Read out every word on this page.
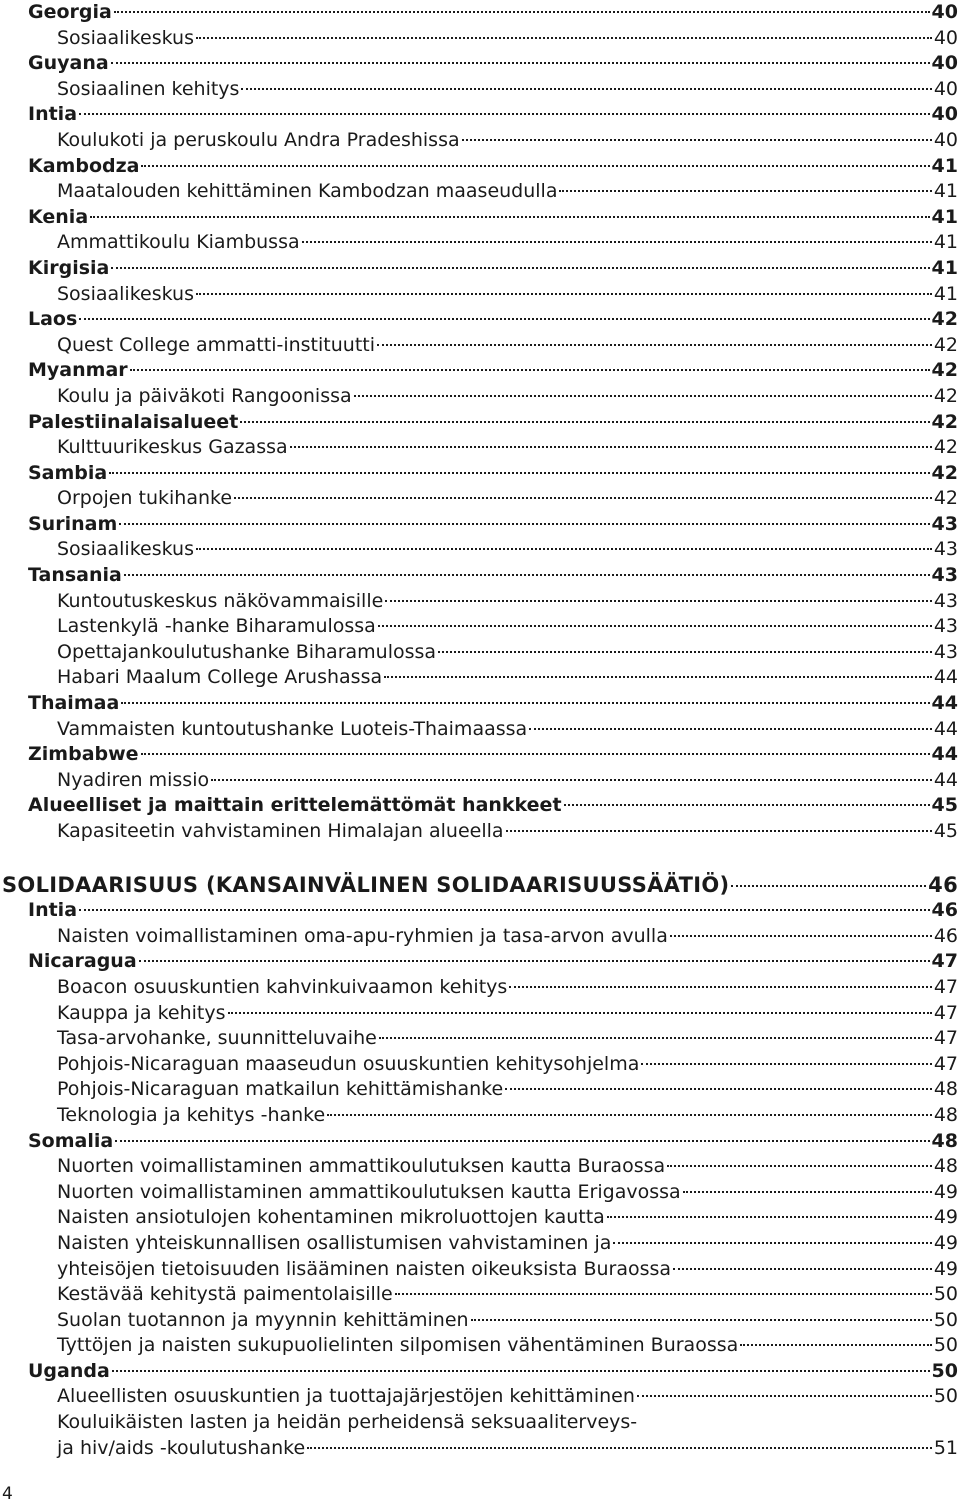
Georgia	40
Sosiaalikeskus	40
Guyana	40
Sosiaalinen kehitys	40
Intia	40
Koulukoti ja peruskoulu Andra Pradeshissa	40
Kambodza	41
Maatalouden kehittäminen Kambodzan maaseudulla	41
Kenia	41
Ammattikoulu Kiambussa	41
Kirgisia	41
Sosiaalikeskus	41
Laos	42
Quest College ammatti-instituutti	42
Myanmar	42
Koulu ja päiväkoti Rangoonissa	42
Palestiinalaisalueet	42
Kulttuurikeskus Gazassa	42
Sambia	42
Orpojen tukihanke	42
Surinam	43
Sosiaalikeskus	43
Tansania	43
Kuntoutuskeskus näkövammaisille	43
Lastenkylä -hanke Biharamulossa	43
Opettajankoulutushanke Biharamulossa	43
Habari Maalum College Arushassa	44
Thaimaa	44
Vammaisten kuntoutushanke Luoteis-Thaimaassa	44
Zimbabwe	44
Nyadiren missio	44
Alueelliset ja maittain erittelemättömät hankkeet	45
Kapasiteetin vahvistaminen Himalajan alueella	45
SOLIDAARISUUS (KANSAINVÄLINEN SOLIDAARISUUSSÄÄTIÖ)	46
Intia	46
Naisten voimallistaminen oma-apu-ryhmien ja tasa-arvon avulla	46
Nicaragua	47
Boacon osuuskuntien kahvinkuivaamon kehitys	47
Kauppa ja kehitys	47
Tasa-arvohanke, suunnitteluvaihe	47
Pohjois-Nicaraguan maaseudun osuuskuntien kehitysohjelma	47
Pohjois-Nicaraguan matkailun kehittämishanke	48
Teknologia ja kehitys -hanke	48
Somalia	48
Nuorten voimallistaminen ammattikoulutuksen kautta Buraossa	48
Nuorten voimallistaminen ammattikoulutuksen kautta Erigavossa	49
Naisten ansiotulojen kohentaminen mikroluottojen kautta	49
Naisten yhteiskunnallisen osallistumisen vahvistaminen ja	49
yhteisöjen tietoisuuden lisääminen naisten oikeuksista Buraossa	49
Kestävää kehitystä paimentolaisille	50
Suolan tuotannon ja myynnin kehittäminen	50
Tyttöjen ja naisten sukupuolielinten silpomisen vähentäminen Buraossa	50
Uganda	50
Alueellisten osuuskuntien ja tuottajajärjestöjen kehittäminen	50
Kouluikäisten lasten ja heidän perheidensä seksuaaliterveys-
ja hiv/aids -koulutushanke	51
4
